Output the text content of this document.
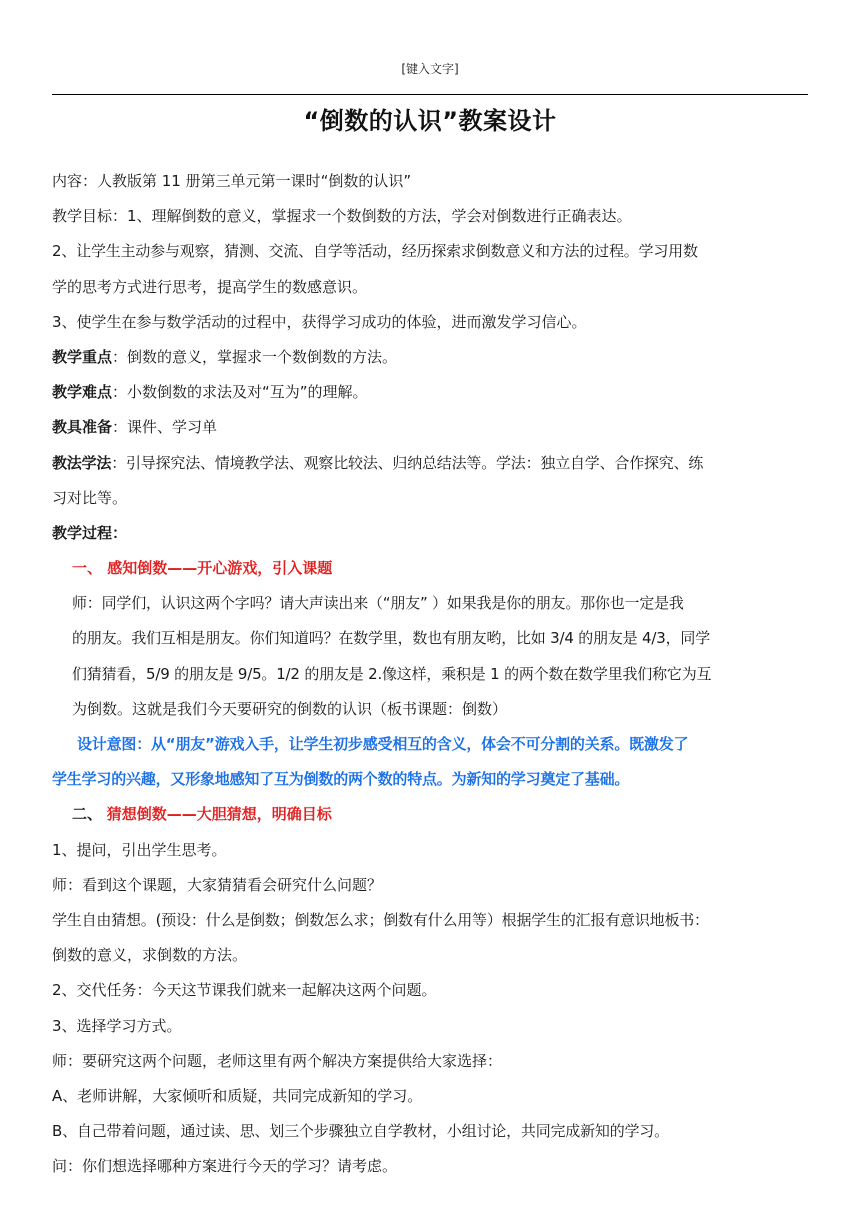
[键入文字]
“倒数的认识”教案设计
内容：人教版第 11 册第三单元第一课时“倒数的认识”
教学目标：1、理解倒数的意义，掌握求一个数倒数的方法，学会对倒数进行正确表达。
2、让学生主动参与观察，猜测、交流、自学等活动，经历探索求倒数意义和方法的过程。学习用数
学的思考方式进行思考，提高学生的数感意识。
3、使学生在参与数学活动的过程中，获得学习成功的体验，进而激发学习信心。
教学重点：倒数的意义，掌握求一个数倒数的方法。
教学难点：小数倒数的求法及对“互为”的理解。
教具准备：课件、学习单
教法学法：引导探究法、情境教学法、观察比较法、归纳总结法等。学法：独立自学、合作探究、练
习对比等。
教学过程：
一、 感知倒数——开心游戏，引入课题
师：同学们，认识这两个字吗？请大声读出来（“朋友” ）如果我是你的朋友。那你也一定是我
的朋友。我们互相是朋友。你们知道吗？在数学里，数也有朋友哟，比如 3/4 的朋友是 4/3，同学
们猜猜看，5/9 的朋友是 9/5。1/2 的朋友是 2.像这样，乘积是 1 的两个数在数学里我们称它为互
为倒数。这就是我们今天要研究的倒数的认识（板书课题：倒数）
设计意图：从“朋友”游戏入手，让学生初步感受相互的含义，体会不可分割的关系。既激发了
学生学习的兴趣，又形象地感知了互为倒数的两个数的特点。为新知的学习奠定了基础。
二、 猜想倒数——大胆猜想，明确目标
1、提问，引出学生思考。
师：看到这个课题，大家猜猜看会研究什么问题？
学生自由猜想。(预设：什么是倒数；倒数怎么求；倒数有什么用等）根据学生的汇报有意识地板书：
倒数的意义，求倒数的方法。
2、交代任务：今天这节课我们就来一起解决这两个问题。
3、选择学习方式。
师：要研究这两个问题，老师这里有两个解决方案提供给大家选择：
A、老师讲解，大家倾听和质疑，共同完成新知的学习。
B、自己带着问题，通过读、思、划三个步骤独立自学教材，小组讨论，共同完成新知的学习。
问：你们想选择哪种方案进行今天的学习？请考虑。
